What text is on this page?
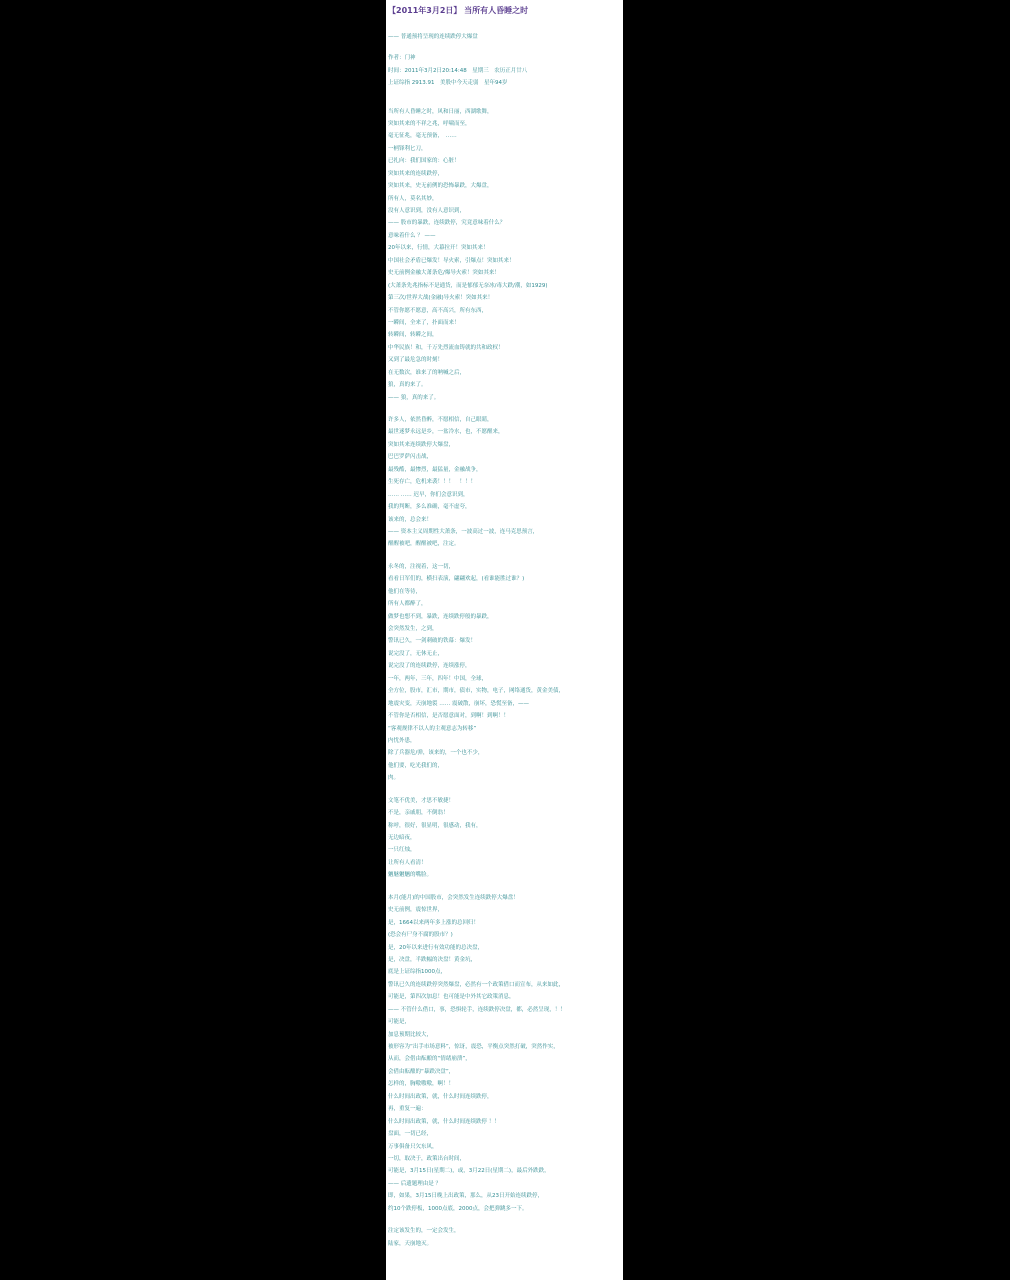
【2011年3月2日】 当所有人昏睡之时
—— 普通预将呈现的连续跌停大爆盘
作者：门神
时间：2011年3月2日20:14:48　星期三　农历正月廿八
上证综指 2913.91　美股中今天走弱　星年94岁
当所有人昏睡之时，风和日丽，西湖歌舞，
突如其来的不祥之兆，呼啸而至，
毫无征兆，毫无预备，　……
一柄锋利匕刀，
已扎向：我们国家的：心脏！
突如其来的连续跌停，
突如其来，史无前例的恐怖暴跌，大爆盘，
所有人，莫名其妙，
没有人意识到，没有人意识到，
—— 股市的暴跌，连续跌停，究竟意味着什么？
意味着什么 ？ ——
20年以来，行情，大幕拉开！突如其来！
中国社会矛盾已爆发！导火索，引爆点！突如其来！
史无前例金融大萧条危/爆导火索！突如其来！
(大萧条先兆指标不是通货，而是郁郁无奈冰/毒大跌/潮，如1929)
第三次/世界大战(金融)导火索！突如其来！
不管你愿不愿意，高不高兴，所有东西，
一瞬间，全来了，扑面而来！
转瞬间，转瞬之间，
中华民族！和，千万先烈流血铸就的共和政权！
又到了最危急的时刻！
在无数次，谁来了的呐喊之后，
狼，真的来了。
—— 狼，真的来了。
许多人，依然昏醉，不愿相信，自己眼睛，
最世迷梦永远是乡，一盆冷水，也，不愿醒来，
突如其来连续跌停大爆盘，
巴巴罗萨闪击战，
最残酷，最惨烈，最猛量，金融战争，
生死存亡，危机来袭！！！　！！！
…… …… 迟早，你们会意识到，
我的判断，多么准确，毫不虚夸，
该来的，总会来！
—— 资本主义周期性大萧条，一波高过一波，连马克思预言，
醒醒被吧，醒醒被吧，注定。
永冬的，注视着，这一切，
看看日军们的，横扫表演，翩翩欢起，(看谁能胜过谁？)
他们在等待，
所有人都醉了，
做梦也想不到，暴跌，连续跌停般的暴跌，
会突然发生，之到，
警讯已久，一剑刺破的铁幕：爆发！
说完没了，无休无止，
说完没了的连续跌停，连续涨停，
一年，两年，三年，四年！中国，全球，
全方位，股市，汇市，期市，债市，实物，电子，网络通货，黄金美债，
地震灾变，天崩地裂 …… 震破散，崩坏，恐慌至备，——
不管你是否相信，是否愿意面对，到啊！到啊！！
“客观规律不以人的主观意志为转移”
内忧外患，
除了兵器危/弹，该来的，一个也不少，
他们要，吃光我们的，
肉。
文笔不优美，才思不敏捷！
不是，亲戚朋，不倒翁！
称呼，很好，很显明，很感动，我有，
无边暗夜，
一只红烛，
让所有人看清！
魑魅魍魉的嘴脸。
本月(能月)的中国股市，会突然发生连续跌停大爆盘！
史无前例，震惊世界，
是，1664以来两年多上涨的总回归！
(恐会有尸身不腐的股市？)
是，20年以来进行有效功能的总决盘，
是，决盘，半跌幅的决盘！黄金坑，
底是上证综指1000点，
警讯已久的连续跌停突然爆盘，必然有一个政策借口而宣布，从来如此，
可能是，第四次加息！也可能是中外其它政策消息，
—— 不管什么借口，事，恐惧轮手，连续跌停决盘，都，必然呈现，！！
可能是，
加息预期比较大，
被形容为“出手市场意料”，惊讶，震恐，平衡点突然打破，突然作实，
从而，会借由酝酿的“情绪崩溃”，
会借由酝酿的“暴跌决盘”，
怎样的，胸嗷嗷嗷，啊！！
什么时间出政策，就，什么时间连续跌停，
再，重复一遍：
什么时间出政策，就，什么时间连续跌停 ！！
盘面，一切已经，
万事俱备只欠东风，
一切，取决于，政策出台时间，
可能是，3月15日(星期二)，或，3月22日(星期二)，最后外跌跌，
—— 后遗题理由是 ？
即，如果，3月15日晚上出政策，那么，从23日开始连续跌停，
约10个跌停板，1000点底，2000点，会把弹跳多一下。
注定该发生的，一定会发生，
陆家，天崩地灭。
